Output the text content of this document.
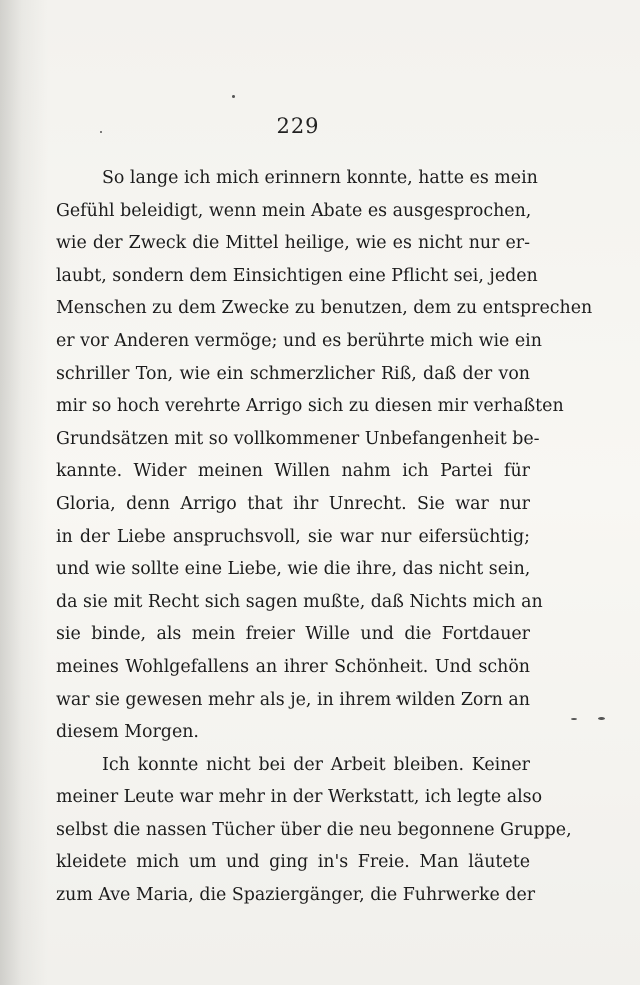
229
So lange ich mich erinnern konnte, hatte es mein
Gefühl beleidigt, wenn mein Abate es ausgesprochen,
wie der Zweck die Mittel heilige, wie es nicht nur er-
laubt, sondern dem Einsichtigen eine Pflicht sei, jeden
Menschen zu dem Zwecke zu benutzen, dem zu entsprechen
er vor Anderen vermöge; und es berührte mich wie ein
schriller Ton, wie ein schmerzlicher Riß, daß der von
mir so hoch verehrte Arrigo sich zu diesen mir verhaßten
Grundsätzen mit so vollkommener Unbefangenheit be-
kannte. Wider meinen Willen nahm ich Partei für
Gloria, denn Arrigo that ihr Unrecht. Sie war nur
in der Liebe anspruchsvoll, sie war nur eifersüchtig;
und wie sollte eine Liebe, wie die ihre, das nicht sein,
da sie mit Recht sich sagen mußte, daß Nichts mich an
sie binde, als mein freier Wille und die Fortdauer
meines Wohlgefallens an ihrer Schönheit. Und schön
war sie gewesen mehr als je, in ihrem wilden Zorn an
diesem Morgen.
Ich konnte nicht bei der Arbeit bleiben. Keiner
meiner Leute war mehr in der Werkstatt, ich legte also
selbst die nassen Tücher über die neu begonnene Gruppe,
kleidete mich um und ging in's Freie. Man läutete
zum Ave Maria, die Spaziergänger, die Fuhrwerke der
